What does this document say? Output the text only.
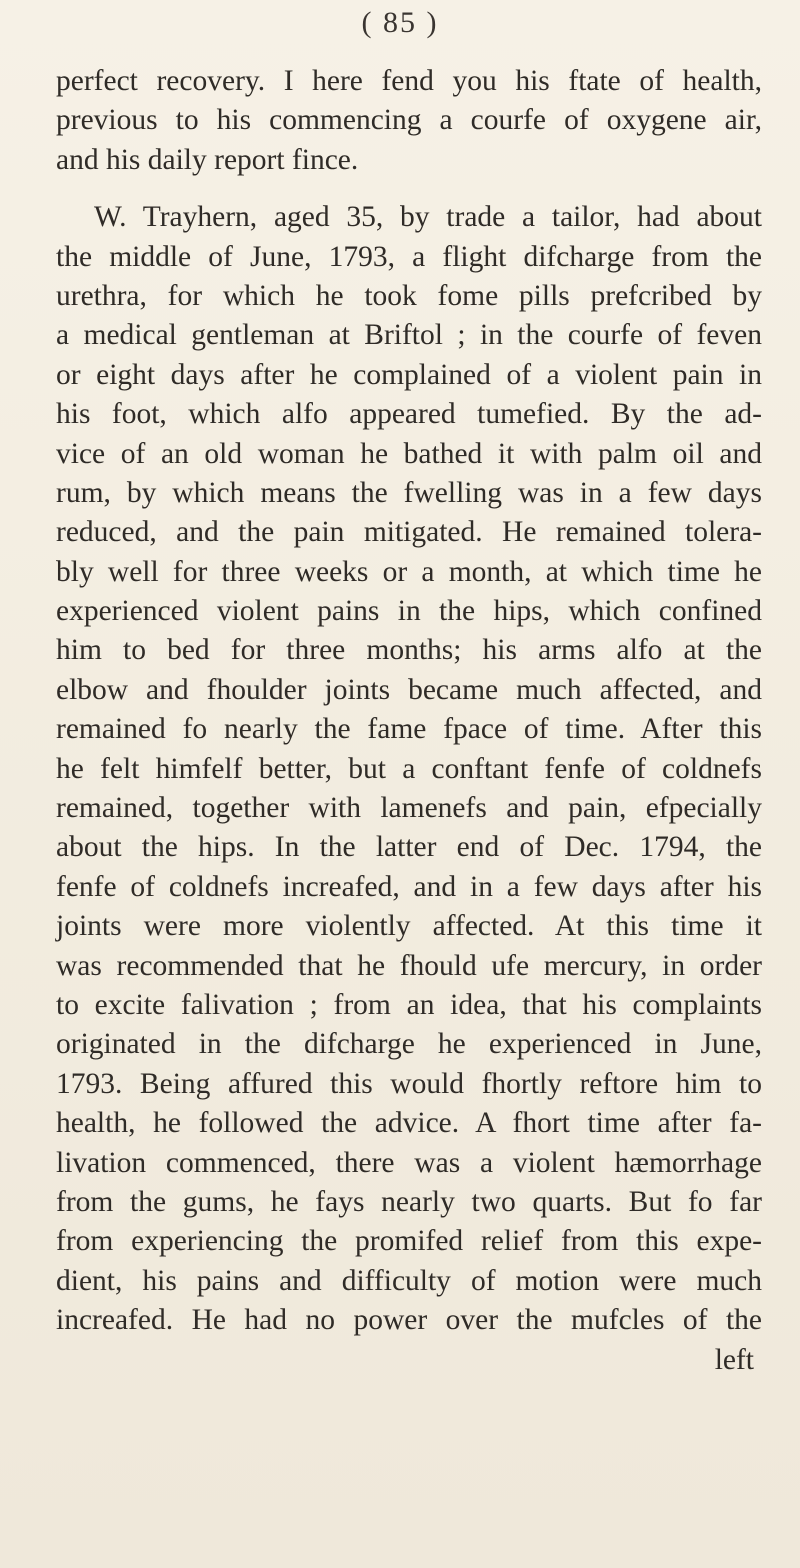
( 85 )
perfect recovery. I here fend you his ftate of health,
previous to his commencing a courfe of oxygene air,
and his daily report fince.
W. Trayhern, aged 35, by trade a tailor, had about
the middle of June, 1793, a flight difcharge from the
urethra, for which he took fome pills prefcribed by
a medical gentleman at Briftol ; in the courfe of feven
or eight days after he complained of a violent pain in
his foot, which alfo appeared tumefied. By the ad-
vice of an old woman he bathed it with palm oil and
rum, by which means the fwelling was in a few days
reduced, and the pain mitigated. He remained tolera-
bly well for three weeks or a month, at which time he
experienced violent pains in the hips, which confined
him to bed for three months; his arms alfo at the
elbow and fhoulder joints became much affected, and
remained fo nearly the fame fpace of time. After this
he felt himfelf better, but a conftant fenfe of coldnefs
remained, together with lamenefs and pain, efpecially
about the hips. In the latter end of Dec. 1794, the
fenfe of coldnefs increafed, and in a few days after his
joints were more violently affected. At this time it
was recommended that he fhould ufe mercury, in order
to excite falivation ; from an idea, that his complaints
originated in the difcharge he experienced in June,
1793. Being affured this would fhortly reftore him to
health, he followed the advice. A fhort time after fa-
livation commenced, there was a violent hæmorrhage
from the gums, he fays nearly two quarts. But fo far
from experiencing the promifed relief from this expe-
dient, his pains and difficulty of motion were much
increafed. He had no power over the mufcles of the
left
